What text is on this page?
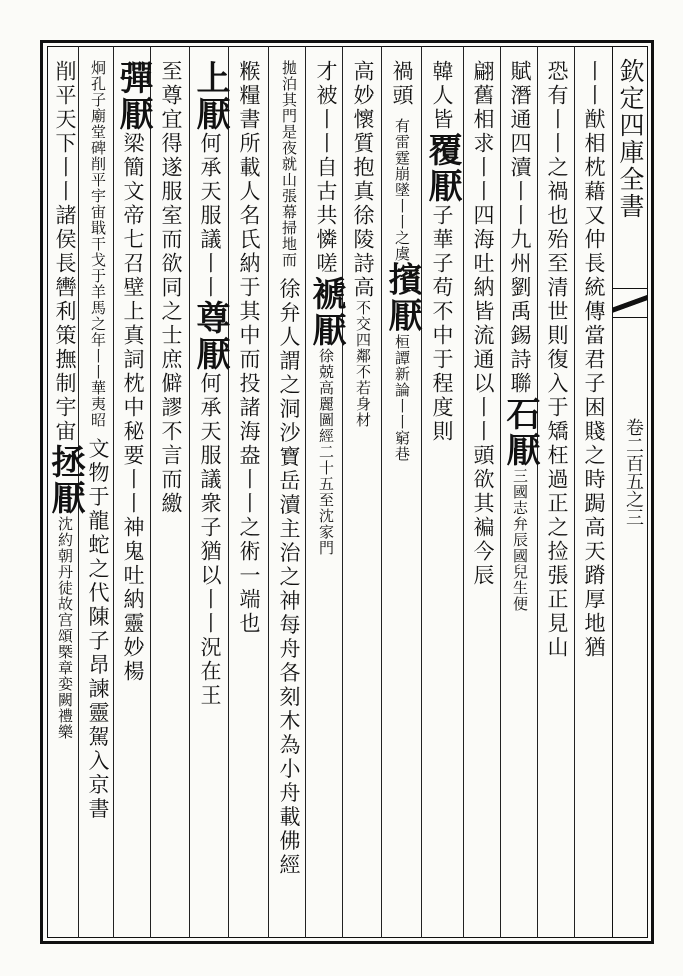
欽定四庫全書
卷二百五之三
丨丨猷相枕藉又仲長統傳當君子困賤之時跼高天蹐厚地猶
恐有丨丨之禍也殆至清世則復入于矯枉過正之捡張正見山
賦潛通四瀆丨丨九州劉禹錫詩聯石厭三國志弁辰國兒生便
翩舊相求丨丨四海吐納皆流通以丨丨頭欲其褊今辰
韓人皆覆厭子華子苟不中于程度則
禍頭 有雷霆崩墜丨丨之虞擯厭桓譚新論丨丨窮巷
高妙懷質抱真徐陵詩高不交四鄰不若身材
才被丨丨自古共憐嗟褫厭徐兢高麗圖經二十五至沈家門
拋泊其門是夜就山張幕掃地而 徐弁人謂之洞沙寶岳瀆主治之神每舟各刻木為小舟載佛經
糇糧書所載人名氏納于其中而投諸海盎丨丨之術一端也
上厭何承天服議丨丨尊厭何承天服議衆子猶以丨丨況在王
至尊宜得遂服室而欲同之士庶僻謬不言而繳
彈厭梁簡文帝七召壁上真詞枕中秘要丨丨神鬼吐納靈妙楊
炯孔子廟堂碑削平宇宙戢干戈于羊馬之年丨丨華夷昭 文物于龍蛇之代陳子昂諫靈駕入京書
削平天下丨丨諸侯長轡利策撫制宇宙拯厭沈約朝丹徒故宫頌槩章娈闕禮樂
